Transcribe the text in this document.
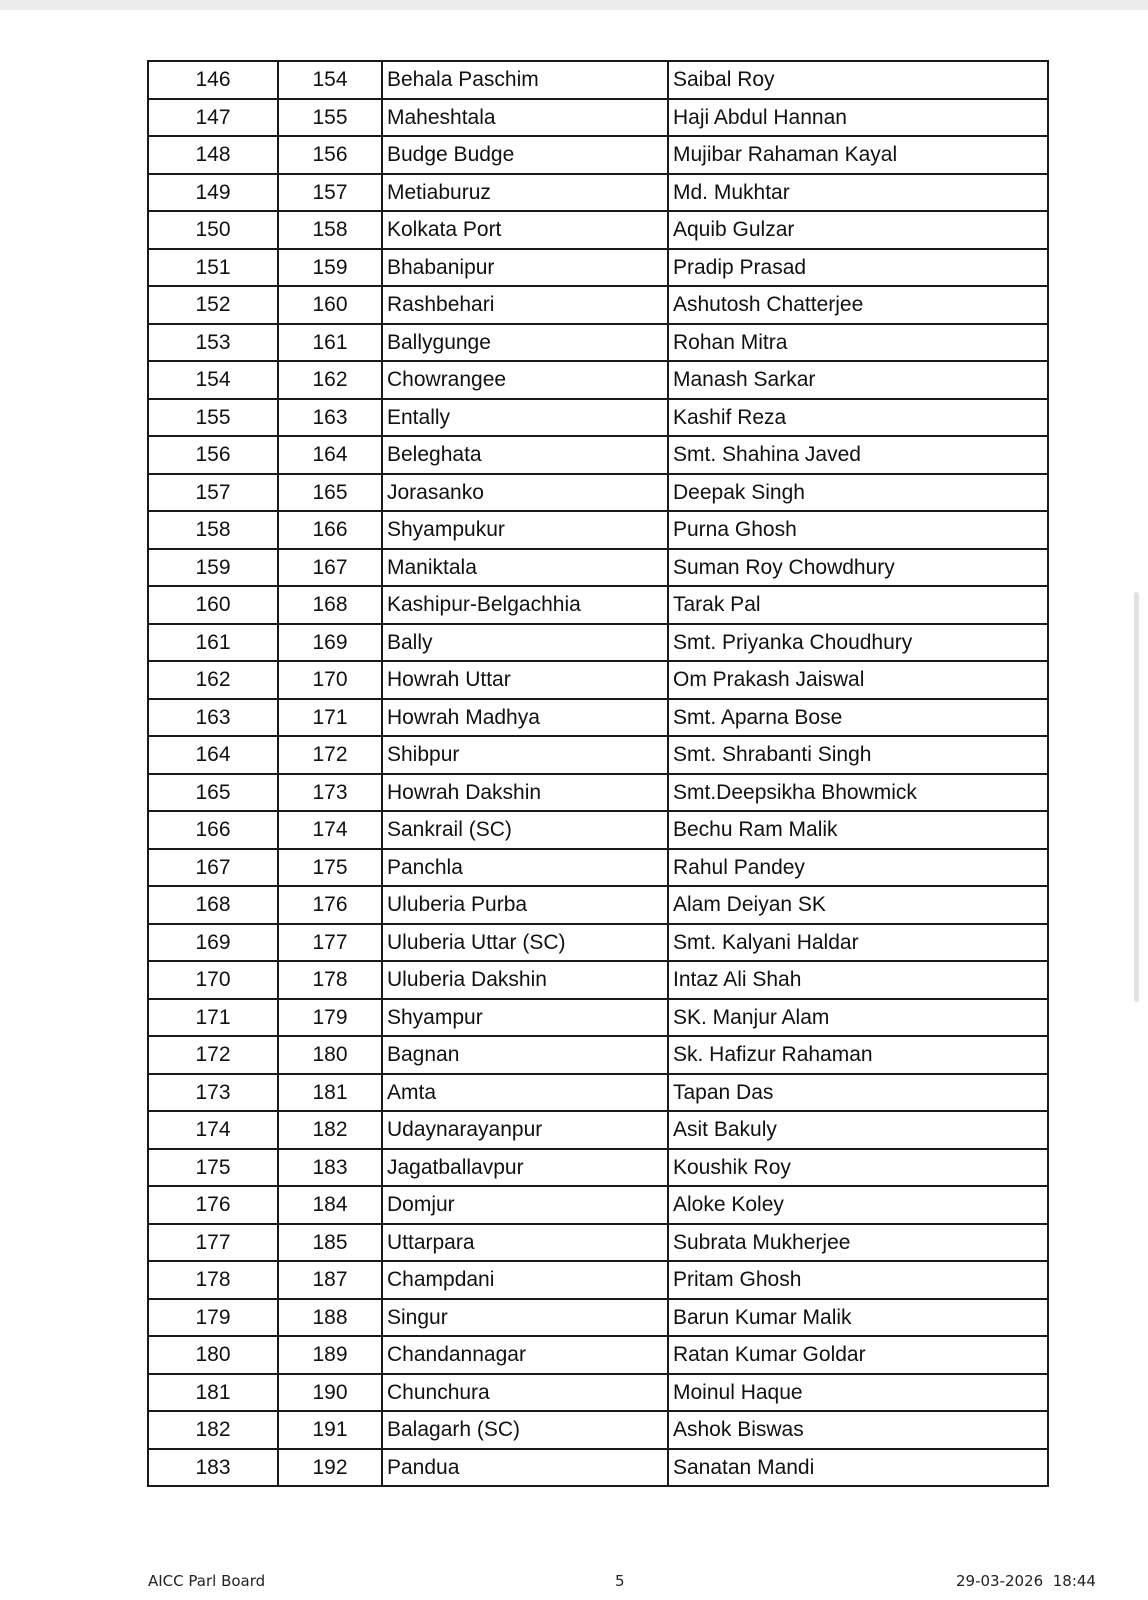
146	154	Behala Paschim	Saibal Roy
147	155	Maheshtala	Haji Abdul Hannan
148	156	Budge Budge	Mujibar Rahaman Kayal
149	157	Metiaburuz	Md. Mukhtar
150	158	Kolkata Port	Aquib Gulzar
151	159	Bhabanipur	Pradip Prasad
152	160	Rashbehari	Ashutosh Chatterjee
153	161	Ballygunge	Rohan Mitra
154	162	Chowrangee	Manash Sarkar
155	163	Entally	Kashif Reza
156	164	Beleghata	Smt. Shahina Javed
157	165	Jorasanko	Deepak Singh
158	166	Shyampukur	Purna Ghosh
159	167	Maniktala	Suman Roy Chowdhury
160	168	Kashipur-Belgachhia	Tarak Pal
161	169	Bally	Smt. Priyanka Choudhury
162	170	Howrah Uttar	Om Prakash Jaiswal
163	171	Howrah Madhya	Smt. Aparna Bose
164	172	Shibpur	Smt. Shrabanti Singh
165	173	Howrah Dakshin	Smt.Deepsikha Bhowmick
166	174	Sankrail (SC)	Bechu Ram Malik
167	175	Panchla	Rahul Pandey
168	176	Uluberia Purba	Alam Deiyan SK
169	177	Uluberia Uttar (SC)	Smt. Kalyani Haldar
170	178	Uluberia Dakshin	Intaz Ali Shah
171	179	Shyampur	SK. Manjur Alam
172	180	Bagnan	Sk. Hafizur Rahaman
173	181	Amta	Tapan Das
174	182	Udaynarayanpur	Asit Bakuly
175	183	Jagatballavpur	Koushik Roy
176	184	Domjur	Aloke Koley
177	185	Uttarpara	Subrata Mukherjee
178	187	Champdani	Pritam Ghosh
179	188	Singur	Barun Kumar Malik
180	189	Chandannagar	Ratan Kumar Goldar
181	190	Chunchura	Moinul Haque
182	191	Balagarh (SC)	Ashok Biswas
183	192	Pandua	Sanatan Mandi
AICC Parl Board	5	29-03-2026 18:44
